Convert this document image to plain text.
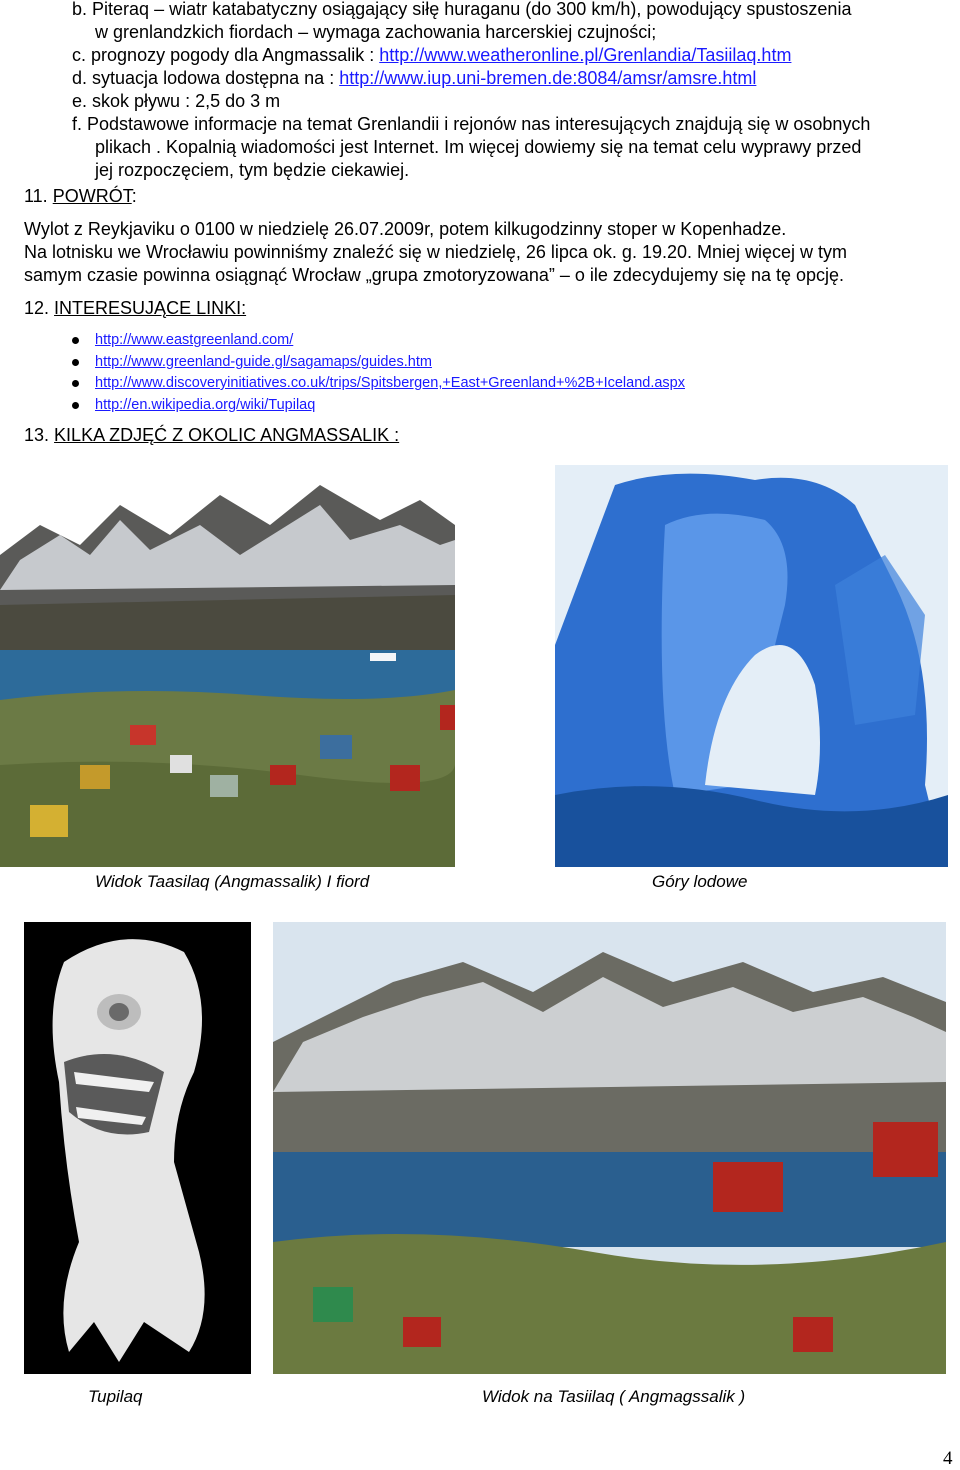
b. Piteraq – wiatr katabatyczny osiągający siłę huraganu (do 300 km/h), powodujący spustoszenia
w grenlandzkich fiordach – wymaga zachowania harcerskiej czujności;
c. prognozy pogody dla Angmassalik : http://www.weatheronline.pl/Grenlandia/Tasiilaq.htm
d. sytuacja lodowa dostępna na : http://www.iup.uni-bremen.de:8084/amsr/amsre.html
e. skok pływu : 2,5 do 3 m
f. Podstawowe informacje na temat Grenlandii i rejonów nas interesujących znajdują się w osobnych
plikach . Kopalnią wiadomości jest Internet. Im więcej dowiemy się na temat celu wyprawy przed
jej rozpoczęciem, tym będzie ciekawiej.
11. POWRÓT:
Wylot z Reykjaviku o 0100 w niedzielę 26.07.2009r, potem kilkugodzinny stoper w Kopenhadze.
Na lotnisku we Wrocławiu powinniśmy znaleźć się w niedzielę, 26 lipca ok. g. 19.20. Mniej więcej w tym
samym czasie powinna osiągnąć Wrocław „grupa zmotoryzowana” – o ile zdecydujemy się na tę opcję.
12. INTERESUJĄCE LINKI:
http://www.eastgreenland.com/
http://www.greenland-guide.gl/sagamaps/guides.htm
http://www.discoveryinitiatives.co.uk/trips/Spitsbergen,+East+Greenland+%2B+Iceland.aspx
http://en.wikipedia.org/wiki/Tupilaq
13. KILKA ZDJĘĆ Z OKOLIC ANGMASSALIK :
Widok Taasilaq (Angmassalik) I fiord	Góry lodowe
Tupilaq	Widok na Tasiilaq ( Angmagssalik )
4
